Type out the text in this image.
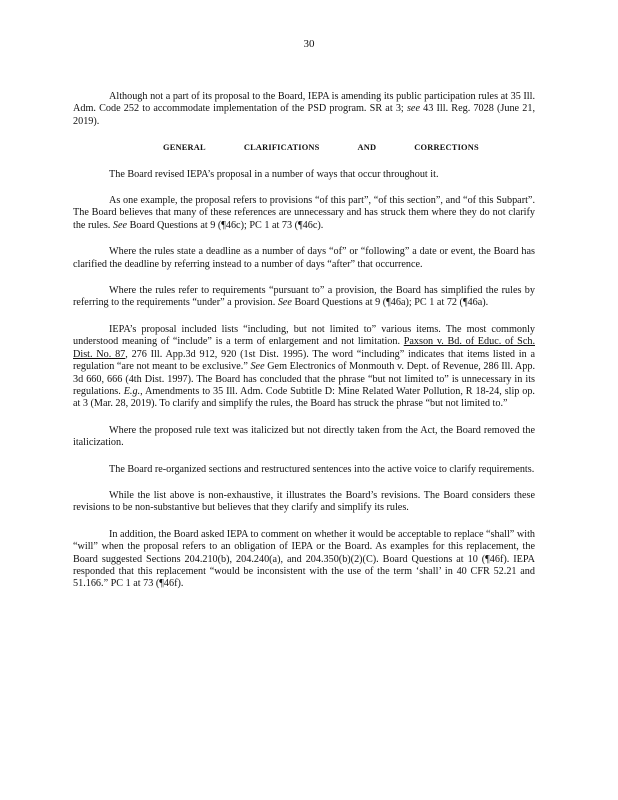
30

Although not a part of its proposal to the Board, IEPA is amending its public participation rules at 35 Ill. Adm. Code 252 to accommodate implementation of the PSD program. SR at 3; see 43 Ill. Reg. 7028 (June 21, 2019).

GENERAL	CLARIFICATIONS	AND	CORRECTIONS

The Board revised IEPA’s proposal in a number of ways that occur throughout it.

As one example, the proposal refers to provisions “of this part”, “of this section”, and “of this Subpart”. The Board believes that many of these references are unnecessary and has struck them where they do not clarify the rules. See Board Questions at 9 (¶46c); PC 1 at 73 (¶46c).

Where the rules state a deadline as a number of days “of” or “following” a date or event, the Board has clarified the deadline by referring instead to a number of days “after” that occurrence.

Where the rules refer to requirements “pursuant to” a provision, the Board has simplified the rules by referring to the requirements “under” a provision. See Board Questions at 9 (¶46a); PC 1 at 72 (¶46a).

IEPA’s proposal included lists “including, but not limited to” various items. The most commonly understood meaning of “include” is a term of enlargement and not limitation. Paxson v. Bd. of Educ. of Sch. Dist. No. 87, 276 Ill. App.3d 912, 920 (1st Dist. 1995). The word “including” indicates that items listed in a regulation “are not meant to be exclusive.” See Gem Electronics of Monmouth v. Dept. of Revenue, 286 Ill. App. 3d 660, 666 (4th Dist. 1997). The Board has concluded that the phrase “but not limited to” is unnecessary in its regulations. E.g., Amendments to 35 Ill. Adm. Code Subtitle D: Mine Related Water Pollution, R 18-24, slip op. at 3 (Mar. 28, 2019). To clarify and simplify the rules, the Board has struck the phrase “but not limited to.”

Where the proposed rule text was italicized but not directly taken from the Act, the Board removed the italicization.

The Board re-organized sections and restructured sentences into the active voice to clarify requirements.

While the list above is non-exhaustive, it illustrates the Board’s revisions. The Board considers these revisions to be non-substantive but believes that they clarify and simplify its rules.

In addition, the Board asked IEPA to comment on whether it would be acceptable to replace “shall” with “will” when the proposal refers to an obligation of IEPA or the Board. As examples for this replacement, the Board suggested Sections 204.210(b), 204.240(a), and 204.350(b)(2)(C). Board Questions at 10 (¶46f). IEPA responded that this replacement “would be inconsistent with the use of the term ‘shall’ in 40 CFR 52.21 and 51.166.” PC 1 at 73 (¶46f).
